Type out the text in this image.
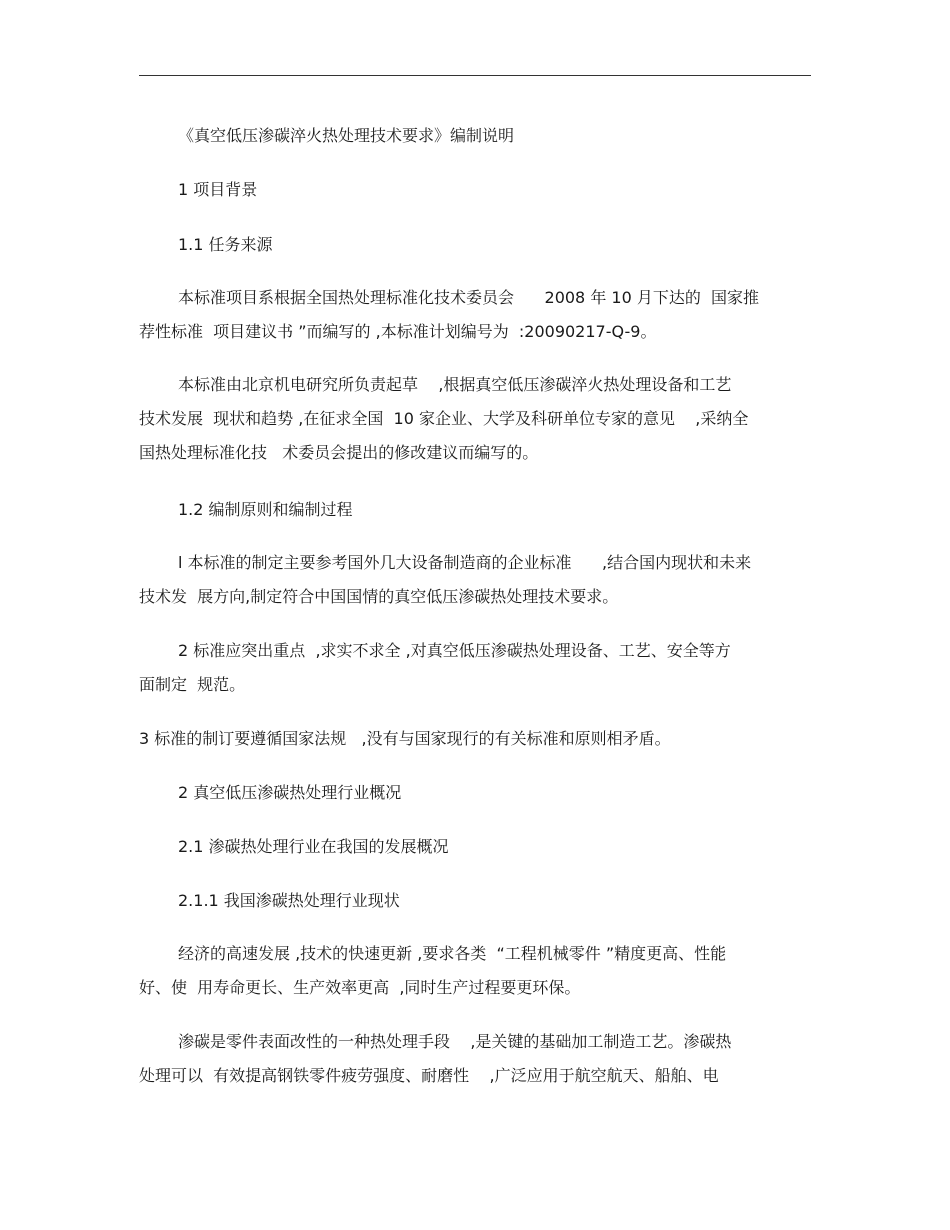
《真空低压渗碳淬火热处理技术要求》编制说明
1 项目背景
1.1 任务来源
本标准项目系根据全国热处理标准化技术委员会      2008 年 10 月下达的  国家推
荐性标准  项目建议书 ”而编写的 ,本标准计划编号为  :20090217-Q-9。
本标准由北京机电研究所负责起草    ,根据真空低压渗碳淬火热处理设备和工艺
技术发展  现状和趋势 ,在征求全国  10 家企业、大学及科研单位专家的意见    ,采纳全
国热处理标准化技   术委员会提出的修改建议而编写的。
1.2 编制原则和编制过程
l 本标准的制定主要参考国外几大设备制造商的企业标准      ,结合国内现状和未来
技术发  展方向,制定符合中国国情的真空低压渗碳热处理技术要求。
2 标准应突出重点  ,求实不求全 ,对真空低压渗碳热处理设备、工艺、安全等方
面制定  规范。
3 标准的制订要遵循国家法规   ,没有与国家现行的有关标准和原则相矛盾。
2 真空低压渗碳热处理行业概况
2.1 渗碳热处理行业在我国的发展概况
2.1.1 我国渗碳热处理行业现状
经济的高速发展 ,技术的快速更新 ,要求各类  “工程机械零件 ”精度更高、性能
好、使  用寿命更长、生产效率更高  ,同时生产过程要更环保。
渗碳是零件表面改性的一种热处理手段    ,是关键的基础加工制造工艺。渗碳热
处理可以  有效提高钢铁零件疲劳强度、耐磨性    ,广泛应用于航空航天、船舶、电
